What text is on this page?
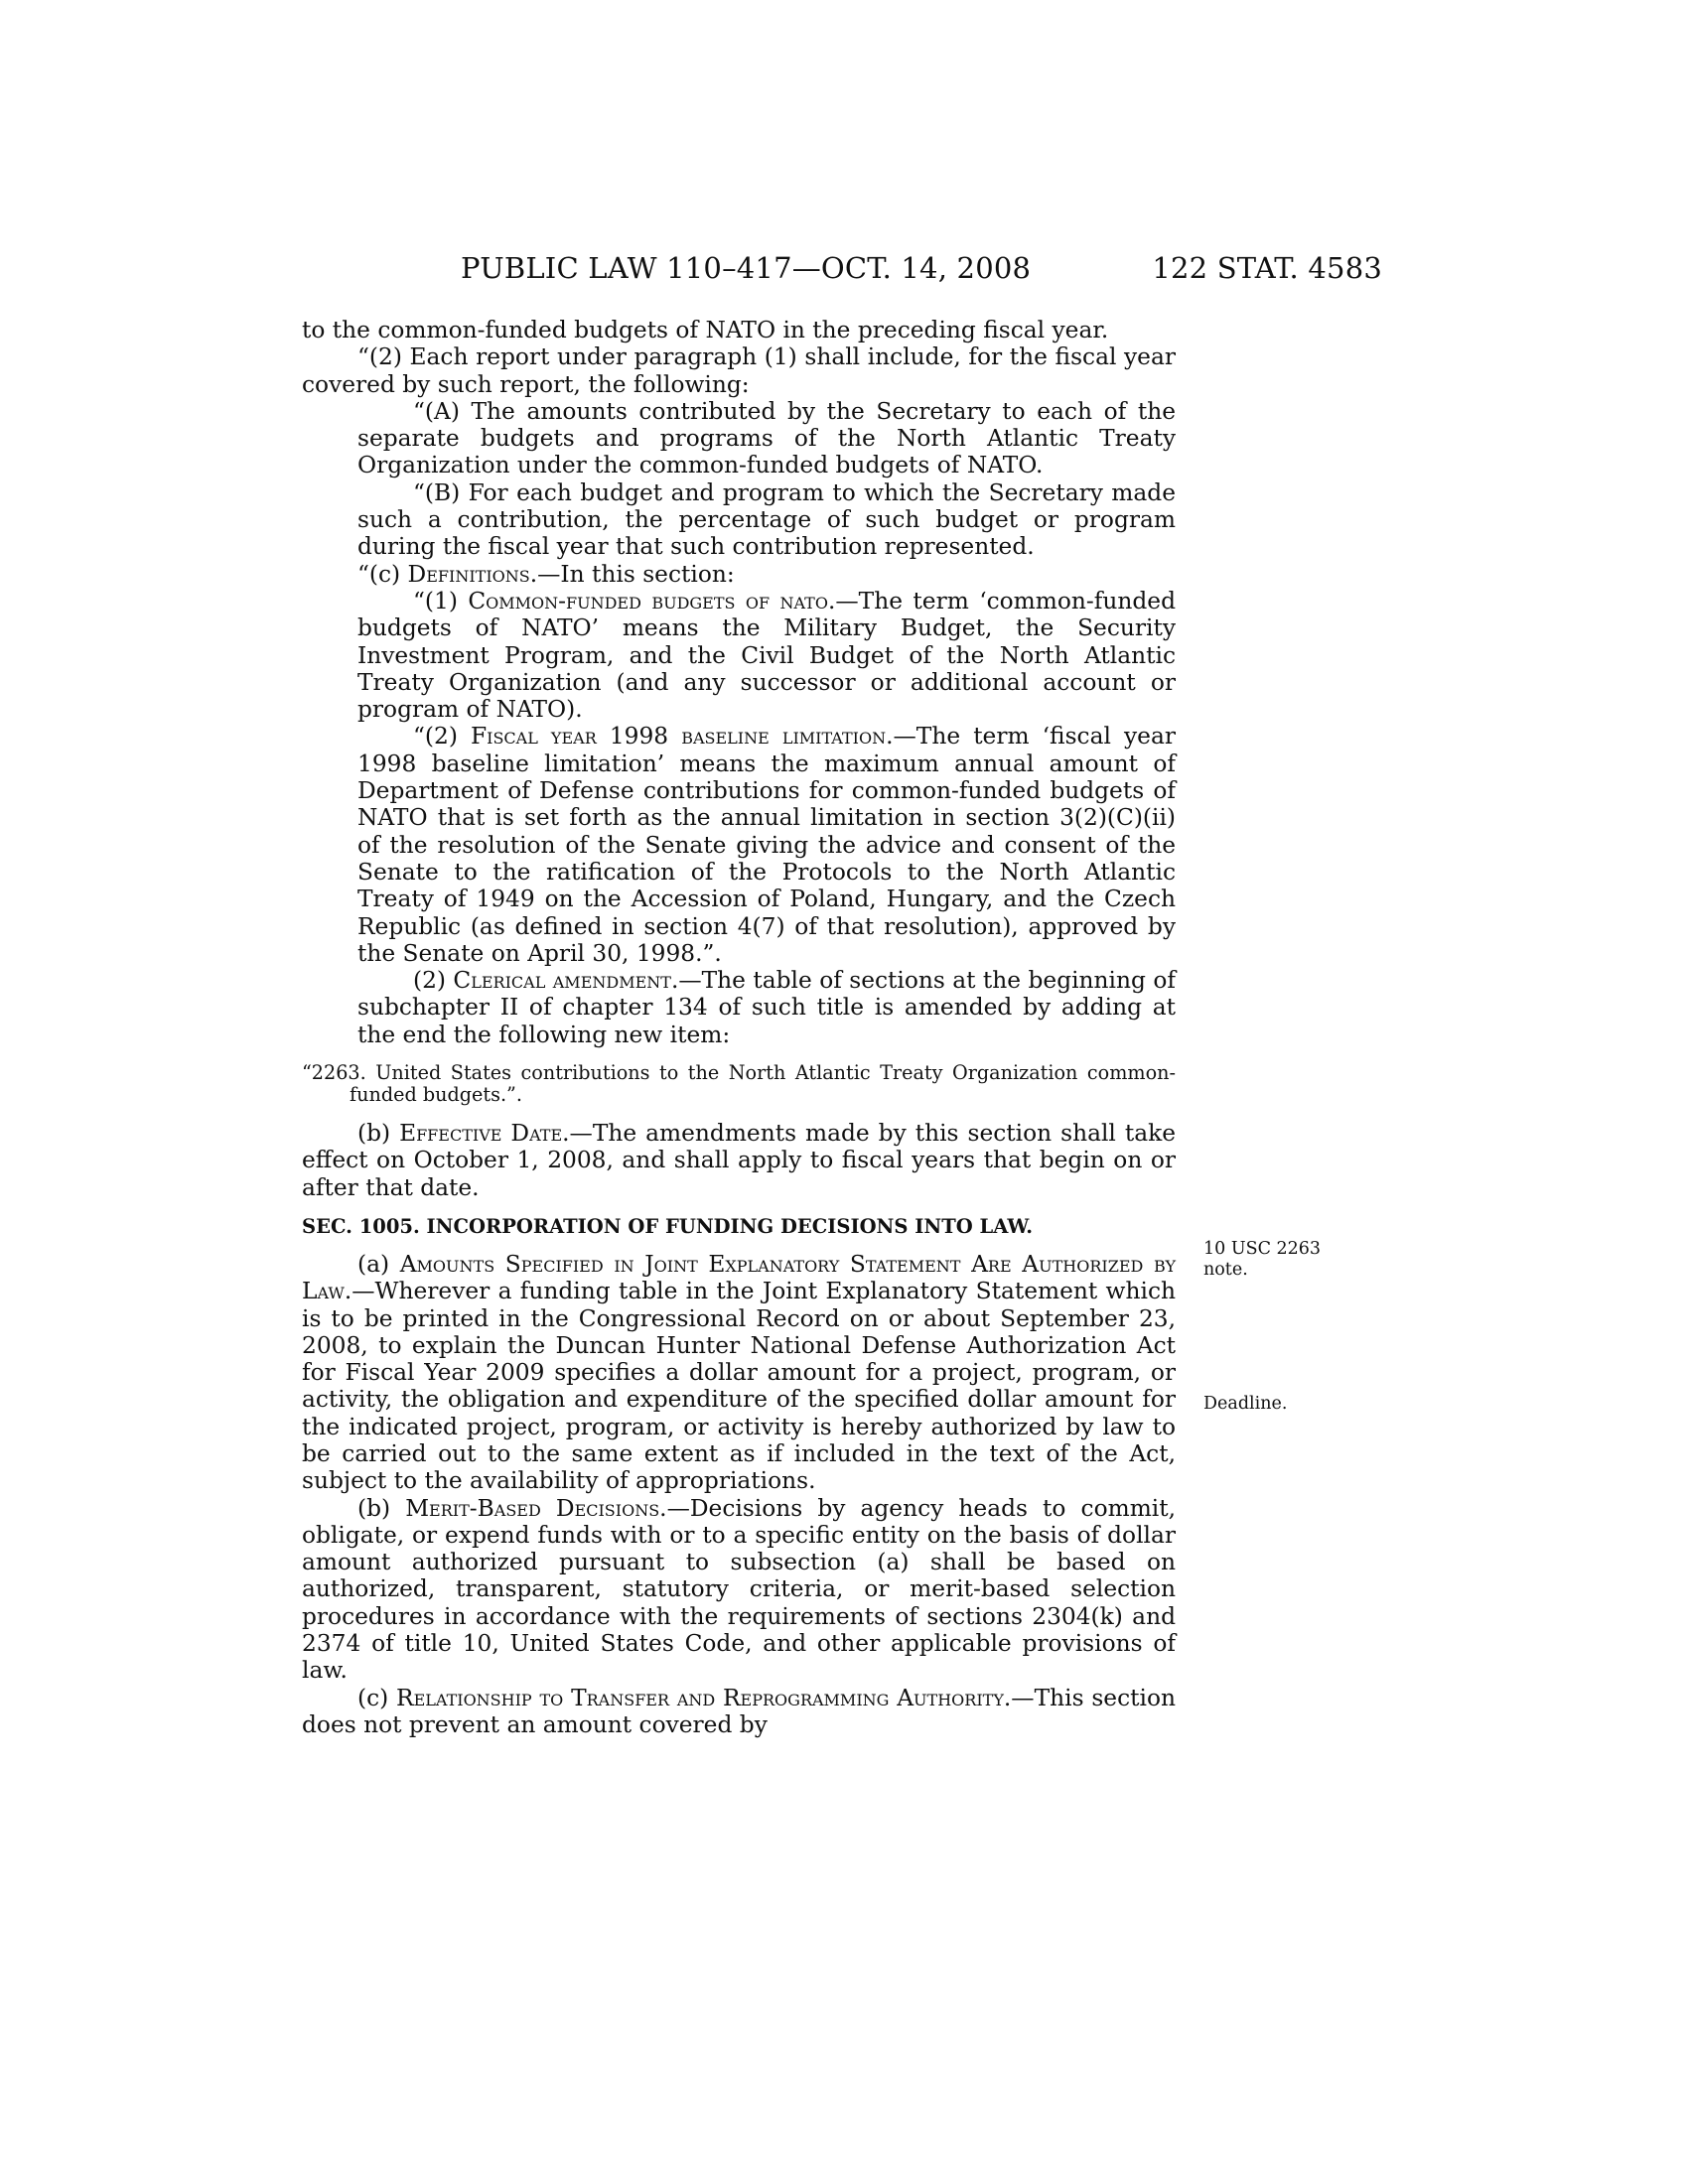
PUBLIC LAW 110–417—OCT. 14, 2008	122 STAT. 4583

to the common-funded budgets of NATO in the preceding fiscal year.

“(2) Each report under paragraph (1) shall include, for the fiscal year covered by such report, the following:

“(A) The amounts contributed by the Secretary to each of the separate budgets and programs of the North Atlantic Treaty Organization under the common-funded budgets of NATO.

“(B) For each budget and program to which the Secretary made such a contribution, the percentage of such budget or program during the fiscal year that such contribution represented.

“(c) Definitions.—In this section:

“(1) Common-funded budgets of nato.—The term ‘common-funded budgets of NATO’ means the Military Budget, the Security Investment Program, and the Civil Budget of the North Atlantic Treaty Organization (and any successor or additional account or program of NATO).

“(2) Fiscal year 1998 baseline limitation.—The term ‘fiscal year 1998 baseline limitation’ means the maximum annual amount of Department of Defense contributions for common-funded budgets of NATO that is set forth as the annual limitation in section 3(2)(C)(ii) of the resolution of the Senate giving the advice and consent of the Senate to the ratification of the Protocols to the North Atlantic Treaty of 1949 on the Accession of Poland, Hungary, and the Czech Republic (as defined in section 4(7) of that resolution), approved by the Senate on April 30, 1998.”.

(2) Clerical amendment.—The table of sections at the beginning of subchapter II of chapter 134 of such title is amended by adding at the end the following new item:

“2263. United States contributions to the North Atlantic Treaty Organization common-funded budgets.”.

(b) Effective Date.—The amendments made by this section shall take effect on October 1, 2008, and shall apply to fiscal years that begin on or after that date.

SEC. 1005. INCORPORATION OF FUNDING DECISIONS INTO LAW.

(a) Amounts Specified in Joint Explanatory Statement Are Authorized by Law.—Wherever a funding table in the Joint Explanatory Statement which is to be printed in the Congressional Record on or about September 23, 2008, to explain the Duncan Hunter National Defense Authorization Act for Fiscal Year 2009 specifies a dollar amount for a project, program, or activity, the obligation and expenditure of the specified dollar amount for the indicated project, program, or activity is hereby authorized by law to be carried out to the same extent as if included in the text of the Act, subject to the availability of appropriations.

(b) Merit-Based Decisions.—Decisions by agency heads to commit, obligate, or expend funds with or to a specific entity on the basis of dollar amount authorized pursuant to subsection (a) shall be based on authorized, transparent, statutory criteria, or merit-based selection procedures in accordance with the requirements of sections 2304(k) and 2374 of title 10, United States Code, and other applicable provisions of law.

(c) Relationship to Transfer and Reprogramming Authority.—This section does not prevent an amount covered by

10 USC 2263 note.
Deadline.
